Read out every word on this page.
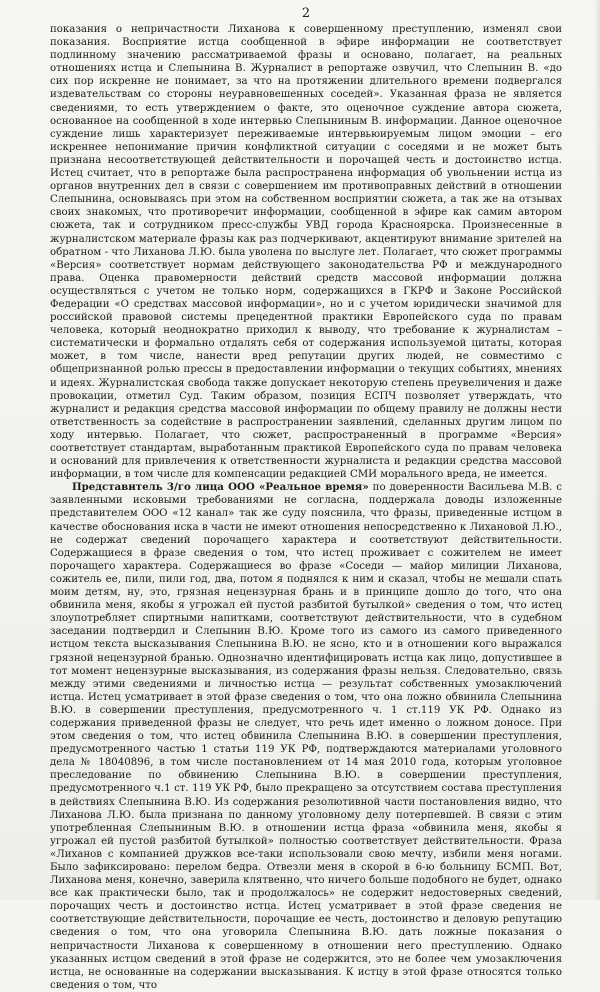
2

показания о непричастности Лиханова к совершенному преступлению, изменял свои показания. Восприятие истца сообщенной в эфире информации не соответствует подлинному значению рассматриваемой фразы и основано, полагает, на реальных отношениях истца и Слепынина В. Журналист в репортаже озвучил, что Слепынин В. «до сих пор искренне не понимает, за что на протяжении длительного времени подвергался издевательствам со стороны неуравновешенных соседей». Указанная фраза не является сведениями, то есть утверждением о факте, это оценочное суждение автора сюжета, основанное на сообщенной в ходе интервью Слепыниным В. информации. Данное оценочное суждение лишь характеризует переживаемые интервьюируемым лицом эмоции – его искреннее непонимание причин конфликтной ситуации с соседями и не может быть признана несоответствующей действительности и порочащей честь и достоинство истца. Истец считает, что в репортаже была распространена информация об увольнении истца из органов внутренних дел в связи с совершением им противоправных действий в отношении Слепынина, основываясь при этом на собственном восприятии сюжета, а так же на отзывах своих знакомых, что противоречит информации, сообщенной в эфире как самим автором сюжета, так и сотрудником пресс-службы УВД города Красноярска. Произнесенные в журналистском материале фразы как раз подчеркивают, акцентируют внимание зрителей на обратном - что Лиханова Л.Ю. была уволена по выслуге лет. Полагает, что сюжет программы «Версия» соответствует нормам действующего законодательства РФ и международного права. Оценка правомерности действий средств массовой информации должна осуществляться с учетом не только норм, содержащихся в ГКРФ и Законе Российской Федерации «О средствах массовой информации», но и с учетом юридически значимой для российской правовой системы прецедентной практики Европейского суда по правам человека, который неоднократно приходил к выводу, что требование к журналистам – систематически и формально отдалять себя от содержания используемой цитаты, которая может, в том числе, нанести вред репутации других людей, не совместимо с общепризнанной ролью прессы в предоставлении информации о текущих событиях, мнениях и идеях. Журналистская свобода также допускает некоторую степень преувеличения и даже провокации, отметил Суд. Таким образом, позиция ЕСПЧ позволяет утверждать, что журналист и редакция средства массовой информации по общему правилу не должны нести ответственность за содействие в распространении заявлений, сделанных другим лицом по ходу интервью. Полагает, что сюжет, распространенный в программе «Версия» соответствует стандартам, выработанным практикой Европейского суда по правам человека и оснований для привлечения к ответственности журналиста и редакции средства массовой информации, в том числе для компенсации редакцией СМИ морального вреда, не имеется.

Представитель 3/го лица ООО «Реальное время» по доверенности Васильева М.В. с заявленными исковыми требованиями не согласна, поддержала доводы изложенные представителем ООО «12 канал» так же суду пояснила, что фразы, приведенные истцом в качестве обоснования иска в части не имеют отношения непосредственно к Лихановой Л.Ю., не содержат сведений порочащего характера и соответствуют действительности. Содержащиеся в фразе сведения о том, что истец проживает с сожителем не имеет порочащего характера. Содержащиеся во фразе «Соседи — майор милиции Лиханова, сожитель ее, пили, пили год, два, потом я поднялся к ним и сказал, чтобы не мешали спать моим детям, ну, это, грязная нецензурная брань и в принципе дошло до того, что она обвинила меня, якобы я угрожал ей пустой разбитой бутылкой» сведения о том, что истец злоупотребляет спиртными напитками, соответствуют действительности, что в судебном заседании подтвердил и Слепынин В.Ю. Кроме того из самого из самого приведенного истцом текста высказывания Слепынина В.Ю. не ясно, кто и в отношении кого выражался грязной нецензурной бранью. Однозначно идентифицировать истца как лицо, допустившее в тот момент нецензурные высказывания, из содержания фразы нельзя. Следовательно, связь между этими сведениями и личностью истца — результат собственных умозаключений истца. Истец усматривает в этой фразе сведения о том, что она ложно обвинила Слепынина В.Ю. в совершении преступления, предусмотренного ч. 1 ст.119 УК РФ. Однако из содержания приведенной фразы не следует, что речь идет именно о ложном доносе. При этом сведения о том, что истец обвинила Слепынина В.Ю. в совершении преступления, предусмотренного частью 1 статьи 119 УК РФ, подтверждаются материалами уголовного дела № 18040896, в том числе постановлением от 14 мая 2010 года, которым уголовное преследование по обвинению Слепынина В.Ю. в совершении преступления, предусмотренного ч.1 ст. 119 УК РФ, было прекращено за отсутствием состава преступления в действиях Слепынина В.Ю. Из содержания резолютивной части постановления видно, что Лиханова Л.Ю. была признана по данному уголовному делу потерпевшей. В связи с этим употребленная Слепыниным В.Ю. в отношении истца фраза «обвинила меня, якобы я угрожал ей пустой разбитой бутылкой» полностью соответствует действительности. Фраза «Лиханов с компанией дружков все-таки использовали свою мечту, избили меня ногами. Было зафиксировано: перелом бедра. Отвезли меня в скорой в 6-ю больницу БСМП. Вот, Лиханова меня, конечно, заверила клятвенно, что ничего больше подобного не будет, однако все как практически было, так и продолжалось» не содержит недостоверных сведений, порочащих честь и достоинство истца. Истец усматривает в этой фразе сведения не соответствующие действительности, порочащие ее честь, достоинство и деловую репутацию сведения о том, что она уговорила Слепынина В.Ю. дать ложные показания о непричастности Лиханова к совершенному в отношении него преступлению. Однако указанных истцом сведений в этой фразе не содержится, это не более чем умозаключения истца, не основанные на содержании высказывания. К истцу в этой фразе относятся только сведения о том, что
